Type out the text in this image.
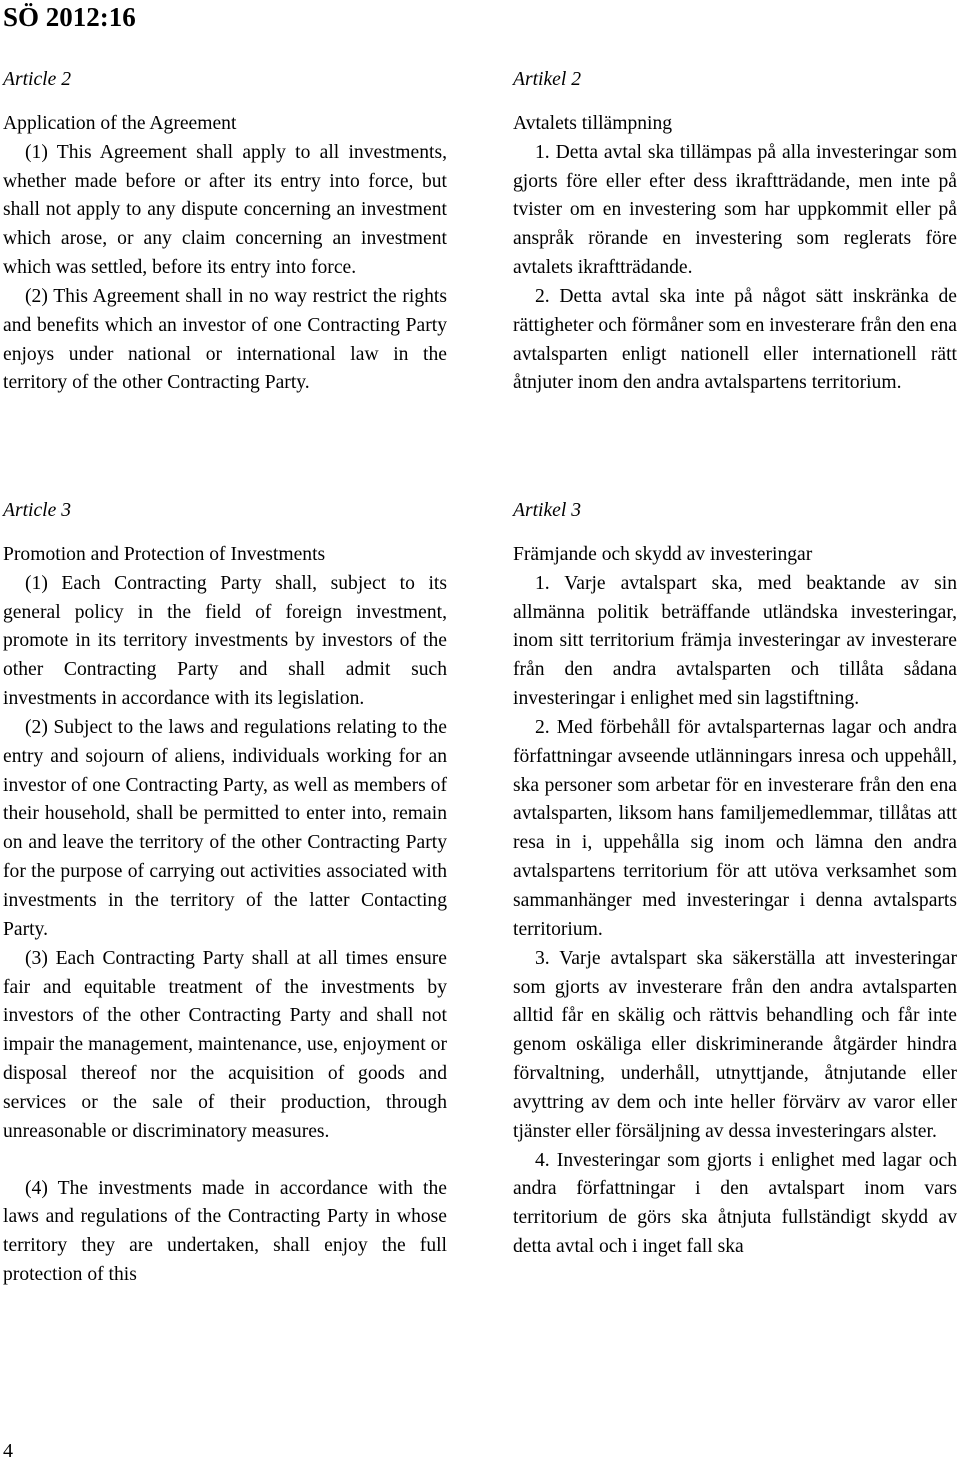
SÖ 2012:16
Article 2
Application of the Agreement

(1) This Agreement shall apply to all investments, whether made before or after its entry into force, but shall not apply to any dispute concerning an investment which arose, or any claim concerning an investment which was settled, before its entry into force.

(2) This Agreement shall in no way restrict the rights and benefits which an investor of one Contracting Party enjoys under national or international law in the territory of the other Contracting Party.

Artikel 2
Avtalets tillämpning

1. Detta avtal ska tillämpas på alla investeringar som gjorts före eller efter dess ikraftträdande, men inte på tvister om en investering som har uppkommit eller på anspråk rörande en investering som reglerats före avtalets ikraftträdande.

2. Detta avtal ska inte på något sätt inskränka de rättigheter och förmåner som en investerare från den ena avtalsparten enligt nationell eller internationell rätt åtnjuter inom den andra avtalspartens territorium.

Article 3
Promotion and Protection of Investments

(1) Each Contracting Party shall, subject to its general policy in the field of foreign investment, promote in its territory investments by investors of the other Contracting Party and shall admit such investments in accordance with its legislation.

(2) Subject to the laws and regulations relating to the entry and sojourn of aliens, individuals working for an investor of one Contracting Party, as well as members of their household, shall be permitted to enter into, remain on and leave the territory of the other Contracting Party for the purpose of carrying out activities associated with investments in the territory of the latter Contacting Party.

(3) Each Contracting Party shall at all times ensure fair and equitable treatment of the investments by investors of the other Contracting Party and shall not impair the management, maintenance, use, enjoyment or disposal thereof nor the acquisition of goods and services or the sale of their production, through unreasonable or discriminatory measures.

(4) The investments made in accordance with the laws and regulations of the Contracting Party in whose territory they are undertaken, shall enjoy the full protection of this

Artikel 3
Främjande och skydd av investeringar

1. Varje avtalspart ska, med beaktande av sin allmänna politik beträffande utländska investeringar, inom sitt territorium främja investeringar av investerare från den andra avtalsparten och tillåta sådana investeringar i enlighet med sin lagstiftning.

2. Med förbehåll för avtalsparternas lagar och andra författningar avseende utlänningars inresa och uppehåll, ska personer som arbetar för en investerare från den ena avtalsparten, liksom hans familjemedlemmar, tillåtas att resa in i, uppehålla sig inom och lämna den andra avtalspartens territorium för att utöva verksamhet som sammanhänger med investeringar i denna avtalsparts territorium.

3. Varje avtalspart ska säkerställa att investeringar som gjorts av investerare från den andra avtalsparten alltid får en skälig och rättvis behandling och får inte genom oskäliga eller diskriminerande åtgärder hindra förvaltning, underhåll, utnyttjande, åtnjutande eller avyttring av dem och inte heller förvärv av varor eller tjänster eller försäljning av dessa investeringars alster.

4. Investeringar som gjorts i enlighet med lagar och andra författningar i den avtalspart inom vars territorium de görs ska åtnjuta fullständigt skydd av detta avtal och i inget fall ska

4
